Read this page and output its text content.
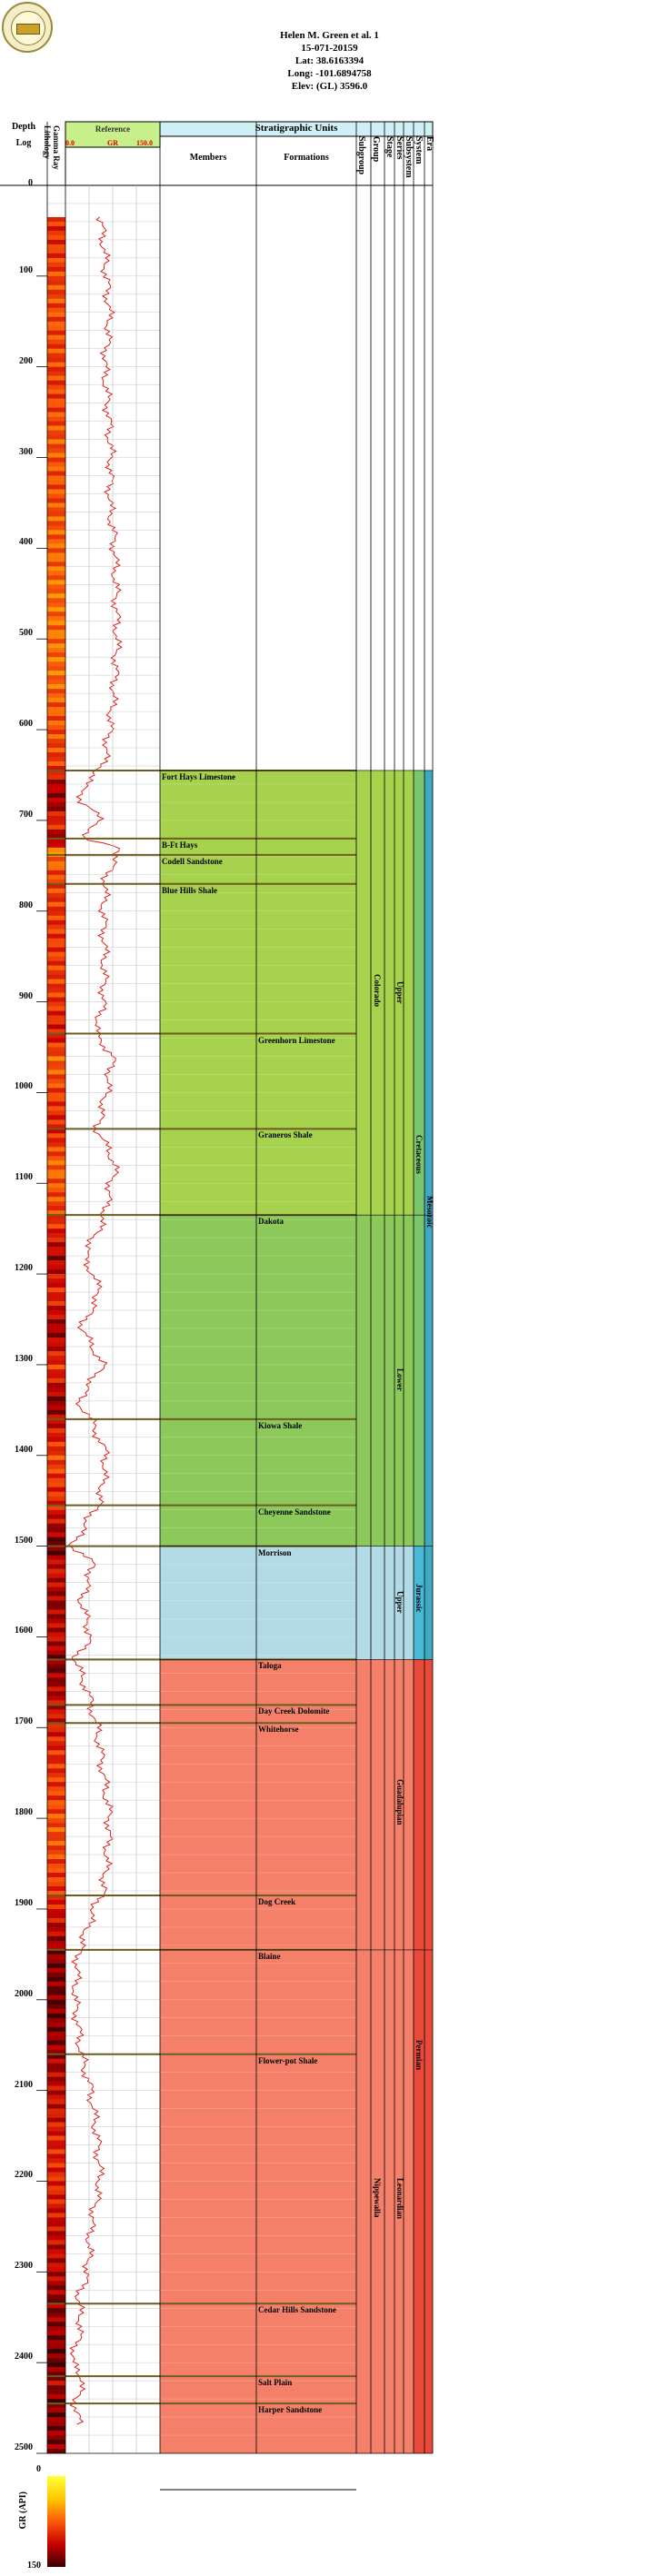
Helen M. Green et al. 1
15-071-20159
Lat: 38.6163394
Long: -101.6894758
Elev: (GL) 3596.0
Depth
Log	Lithology Gamma Ray	Reference
0.0	GR	150.0
Stratigraphic Units
Members	Formations	Subgroup Group Stage Series Subsystem System Era
0
100
200
300
400
500
600
700
800
900
1000
1100
1200
1300
1400
1500
1600
1700
1800
1900
2000
2100
2200
2300
2400
2500
Fort Hays Limestone
B-Ft Hays
Codell Sandstone
Blue Hills Shale
Greenhorn Limestone
Graneros Shale
Dakota
Kiowa Shale
Cheyenne Sandstone
Morrison
Taloga
Day Creek Dolomite
Whitehorse
Dog Creek
Blaine
Flower-pot Shale
Cedar Hills Sandstone
Salt Plain
Harper Sandstone
Colorado Upper
Lower
Cretaceous
Upper Jurassic
Mesozoic
Guadalupian
Nippewalla Leonardian
Permian
0
GR (API)
150
